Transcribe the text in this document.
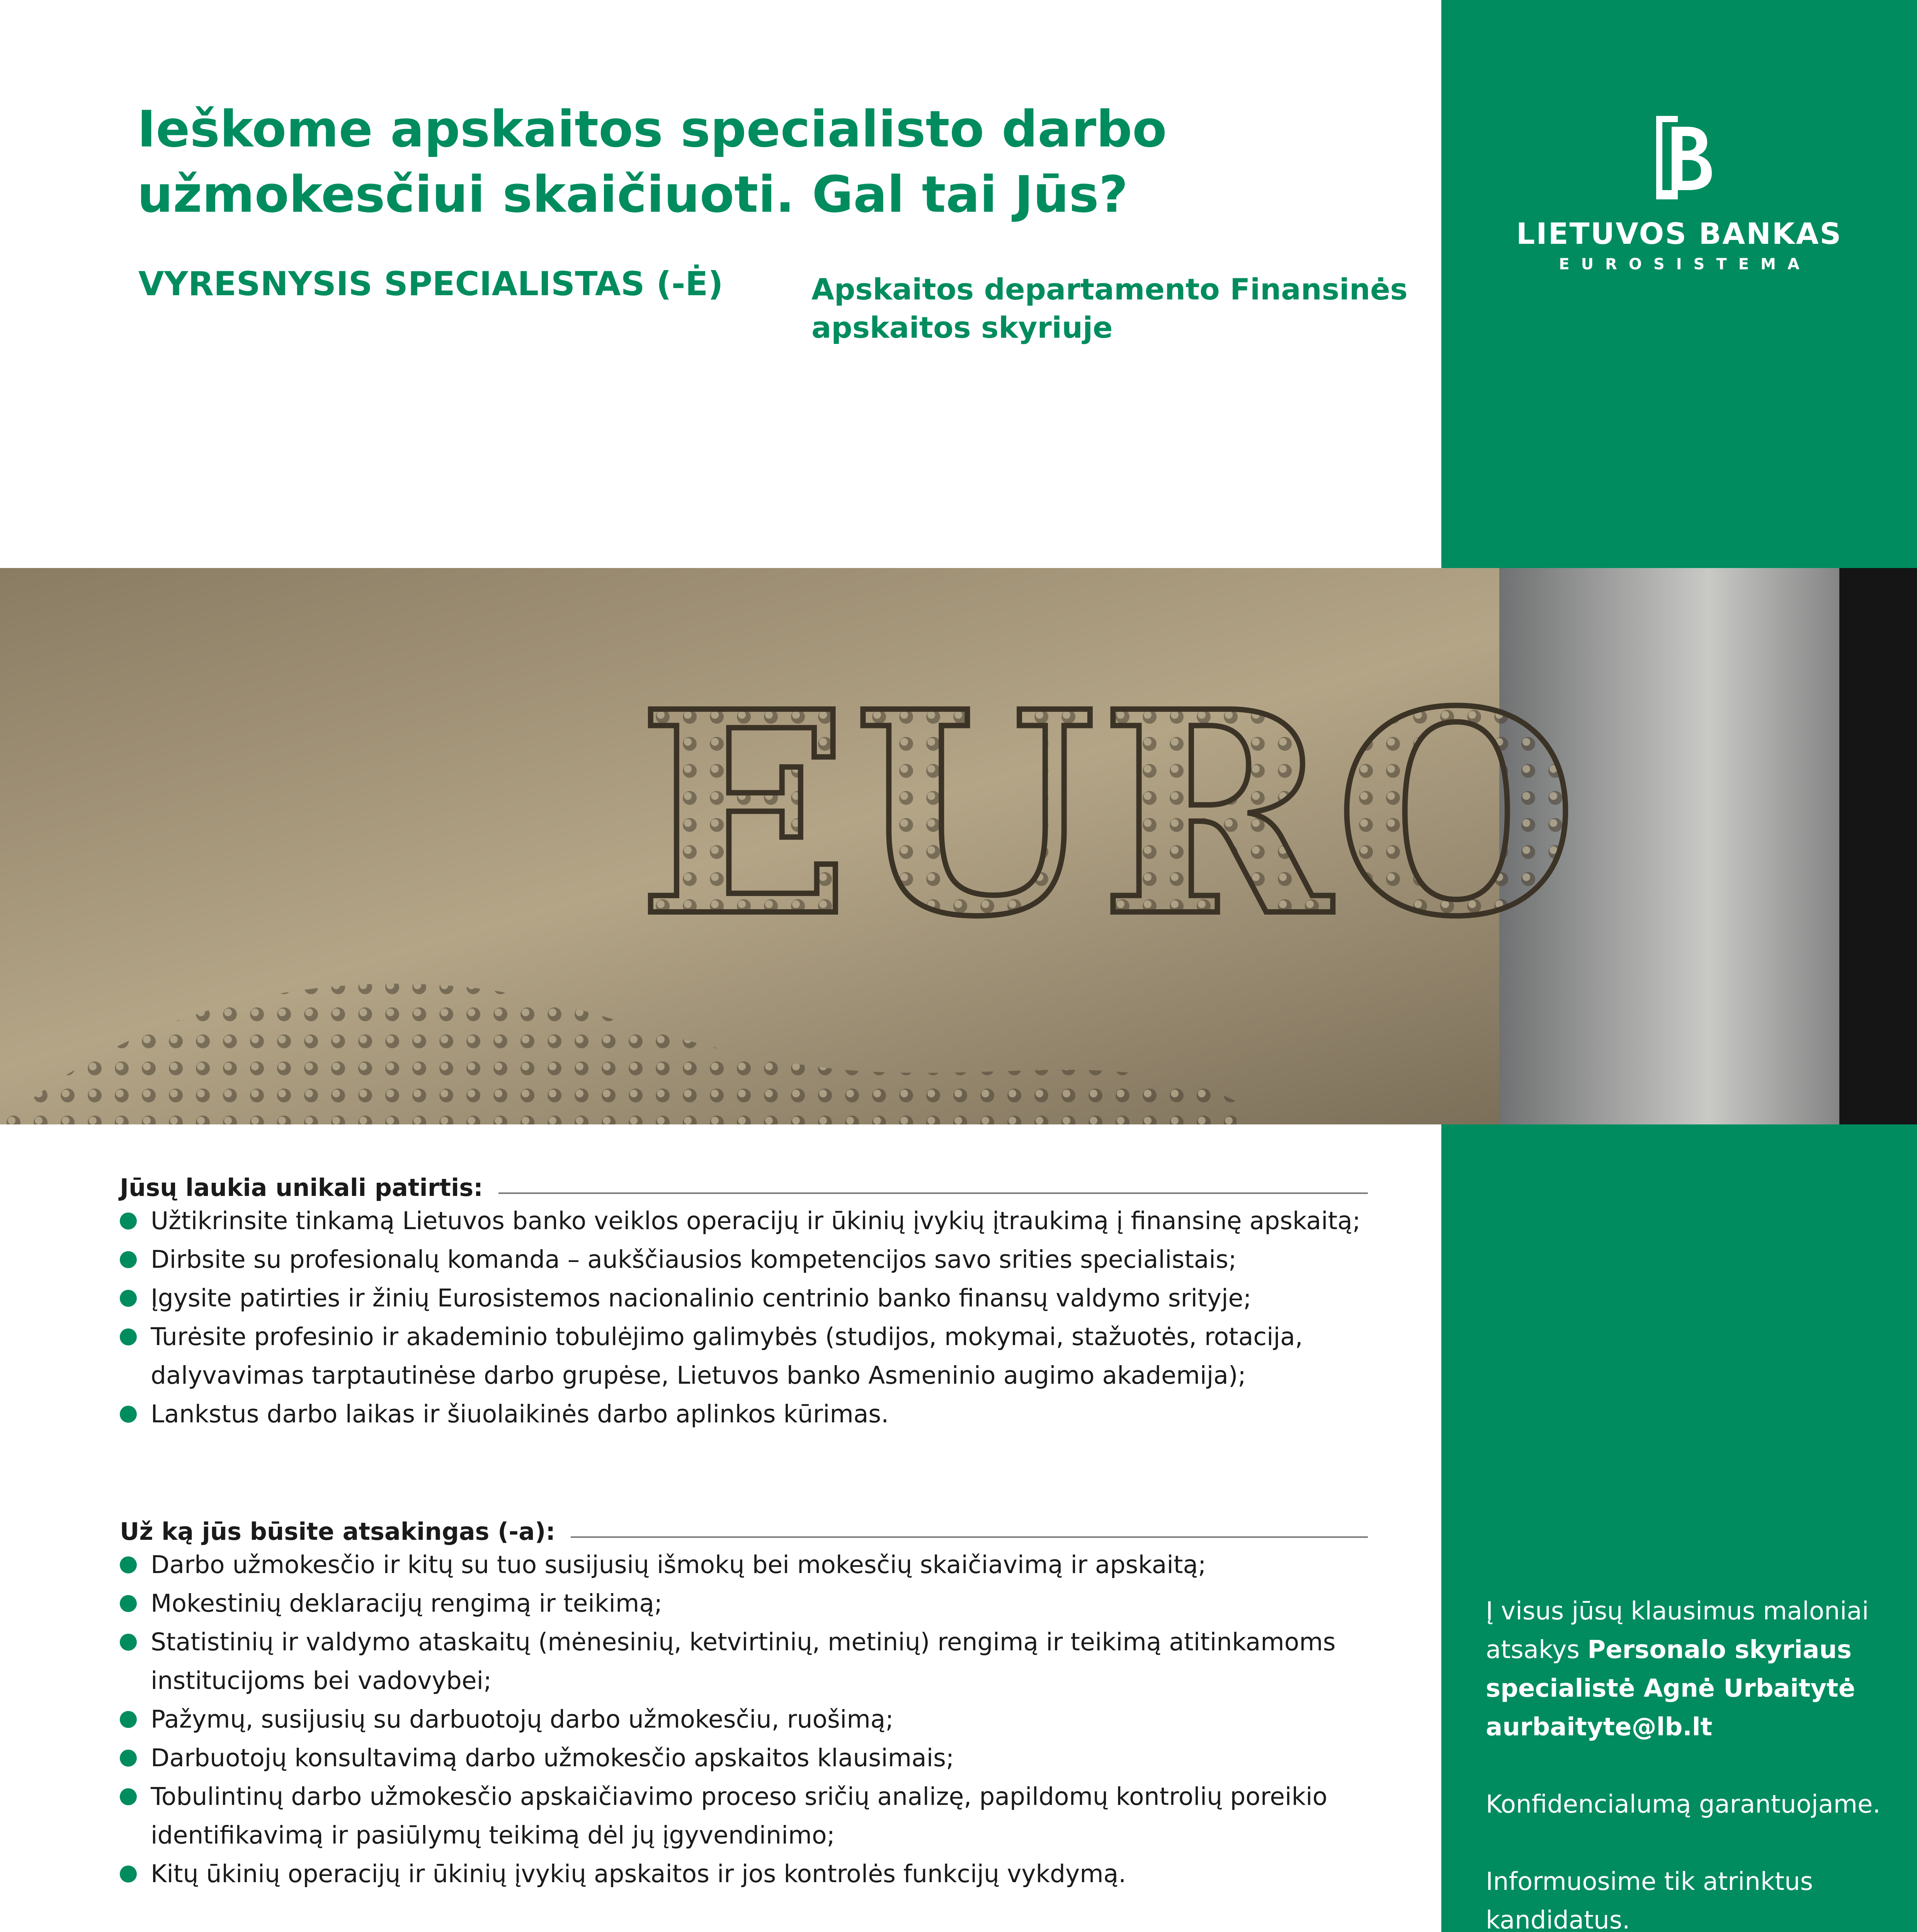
LIETUVOS BANKAS
EUROSISTEMA
Ieškome apskaitos specialisto darbo užmokesčiui skaičiuoti. Gal tai Jūs?
VYRESNYSIS SPECIALISTAS (-Ė)	Apskaitos departamento Finansinės apskaitos skyriuje
EURO
Jūsų laukia unikali patirtis:
Užtikrinsite tinkamą Lietuvos banko veiklos operacijų ir ūkinių įvykių įtraukimą į finansinę apskaitą;
Dirbsite su profesionalų komanda – aukščiausios kompetencijos savo srities specialistais;
Įgysite patirties ir žinių Eurosistemos nacionalinio centrinio banko finansų valdymo srityje;
Turėsite profesinio ir akademinio tobulėjimo galimybės (studijos, mokymai, stažuotės, rotacija, dalyvavimas tarptautinėse darbo grupėse, Lietuvos banko Asmeninio augimo akademija);
Lankstus darbo laikas ir šiuolaikinės darbo aplinkos kūrimas.
Už ką jūs būsite atsakingas (-a):
Darbo užmokesčio ir kitų su tuo susijusių išmokų bei mokesčių skaičiavimą ir apskaitą;
Mokestinių deklaracijų rengimą ir teikimą;
Statistinių ir valdymo ataskaitų (mėnesinių, ketvirtinių, metinių) rengimą ir teikimą atitinkamoms institucijoms bei vadovybei;
Pažymų, susijusių su darbuotojų darbo užmokesčiu, ruošimą;
Darbuotojų konsultavimą darbo užmokesčio apskaitos klausimais;
Tobulintinų darbo užmokesčio apskaičiavimo proceso sričių analizę, papildomų kontrolių poreikio identifikavimą ir pasiūlymų teikimą dėl jų įgyvendinimo;
Kitų ūkinių operacijų ir ūkinių įvykių apskaitos ir jos kontrolės funkcijų vykdymą.

Į visus jūsų klausimus maloniai atsakys Personalo skyriaus specialistė Agnė Urbaitytė
aurbaityte@lb.lt

Konfidencialumą garantuojame.

Informuosime tik atrinktus kandidatus.
